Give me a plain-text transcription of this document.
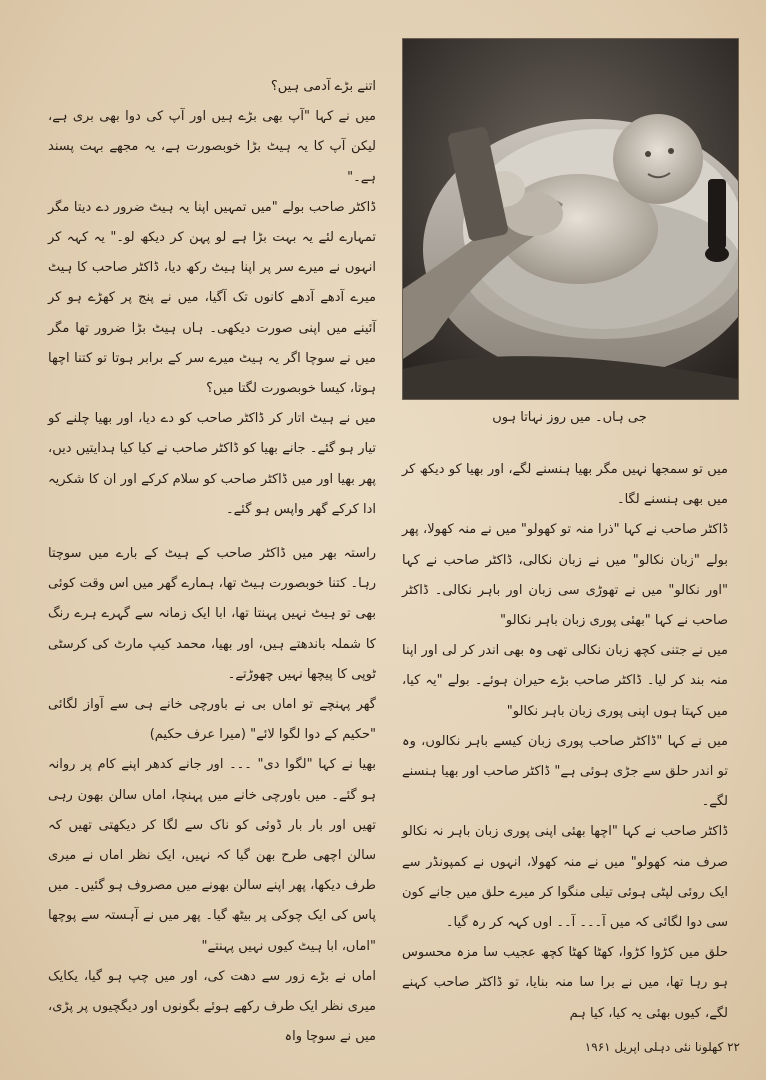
جی ہاں۔ میں روز نہاتا ہوں

اتنے بڑے آدمی ہیں؟

میں نے کہا "آپ بھی بڑے ہیں اور آپ کی دوا بھی بری ہے، لیکن آپ کا یہ ہیٹ بڑا خوبصورت ہے، یہ مجھے بہت پسند ہے۔"

ڈاکٹر صاحب بولے "میں تمہیں اپنا یہ ہیٹ ضرور دے دیتا مگر تمہارے لئے یہ بہت بڑا ہے لو پہن کر دیکھ لو۔" یہ کہہ کر انہوں نے میرے سر پر اپنا ہیٹ رکھ دیا، ڈاکٹر صاحب کا ہیٹ میرے آدھے آدھے کانوں تک آگیا، میں نے پنج پر کھڑے ہو کر آئینے میں اپنی صورت دیکھی۔ ہاں ہیٹ بڑا ضرور تھا مگر میں نے سوچا اگر یہ ہیٹ میرے سر کے برابر ہوتا تو کتنا اچھا ہوتا، کیسا خوبصورت لگتا میں؟

میں نے ہیٹ اتار کر ڈاکٹر صاحب کو دے دیا، اور بھیا چلنے کو تیار ہو گئے۔ جانے بھیا کو ڈاکٹر صاحب نے کیا کیا ہدایتیں دیں، پھر بھیا اور میں ڈاکٹر صاحب کو سلام کرکے اور ان کا شکریہ ادا کرکے گھر واپس ہو گئے۔

راستہ بھر میں ڈاکٹر صاحب کے ہیٹ کے بارے میں سوچتا رہا۔ کتنا خوبصورت ہیٹ تھا، ہمارے گھر میں اس وقت کوئی بھی تو ہیٹ نہیں پہنتا تھا، ابا ایک زمانہ سے گہرے ہرے رنگ کا شملہ باندھتے ہیں، اور بھیا، محمد کیپ مارٹ کی کرسٹی ٹوپی کا پیچھا نہیں چھوڑتے۔

گھر پہنچے تو اماں بی نے باورچی خانے ہی سے آواز لگائی "حکیم کے دوا لگوا لائے" (میرا عرف حکیم)

بھیا نے کہا "لگوا دی" ۔۔۔ اور جانے کدھر اپنے کام پر روانہ ہو گئے۔ میں باورچی خانے میں پہنچا، اماں سالن بھون رہی تھیں اور بار بار ڈوئی کو ناک سے لگا کر دیکھتی تھیں کہ سالن اچھی طرح بھن گیا کہ نہیں، ایک نظر اماں نے میری طرف دیکھا، پھر اپنے سالن بھونے میں مصروف ہو گئیں۔ میں پاس کی ایک چوکی پر بیٹھ گیا۔ پھر میں نے آہستہ سے پوچھا "اماں، ابا ہیٹ کیوں نہیں پہنتے"

اماں نے بڑے زور سے دھت کی، اور میں چپ ہو گیا، یکایک میری نظر ایک طرف رکھے ہوئے بگونوں اور دیگچیوں پر پڑی، میں نے سوچا واہ

میں تو سمجھا نہیں مگر بھیا ہنسنے لگے، اور بھیا کو دیکھ کر میں بھی ہنسنے لگا۔

ڈاکٹر صاحب نے کہا "ذرا منہ تو کھولو" میں نے منہ کھولا، پھر بولے "زبان نکالو" میں نے زبان نکالی، ڈاکٹر صاحب نے کہا "اور نکالو" میں نے تھوڑی سی زبان اور باہر نکالی۔ ڈاکٹر صاحب نے کہا "بھئی پوری زبان باہر نکالو"

میں نے جتنی کچھ زبان نکالی تھی وہ بھی اندر کر لی اور اپنا منہ بند کر لیا۔ ڈاکٹر صاحب بڑے حیران ہوئے۔ بولے "یہ کیا، میں کہتا ہوں اپنی پوری زبان باہر نکالو"

میں نے کہا "ڈاکٹر صاحب پوری زبان کیسے باہر نکالوں، وہ تو اندر حلق سے جڑی ہوئی ہے" ڈاکٹر صاحب اور بھیا ہنسنے لگے۔

ڈاکٹر صاحب نے کہا "اچھا بھئی اپنی پوری زبان باہر نہ نکالو صرف منہ کھولو" میں نے منہ کھولا، انہوں نے کمپونڈر سے ایک روئی لپٹی ہوئی تیلی منگوا کر میرے حلق میں جانے کون سی دوا لگائی کہ میں آ۔۔۔ آ۔۔ اوں کہہ کر رہ گیا۔

حلق میں کڑوا کڑوا، کھٹا کھٹا کچھ عجیب سا مزہ محسوس ہو رہا تھا، میں نے برا سا منہ بنایا، تو ڈاکٹر صاحب کہنے لگے، کیوں بھئی یہ کیا، کیا ہم

۲۲ کھلونا نئی دہلی اپریل ۱۹۶۱
